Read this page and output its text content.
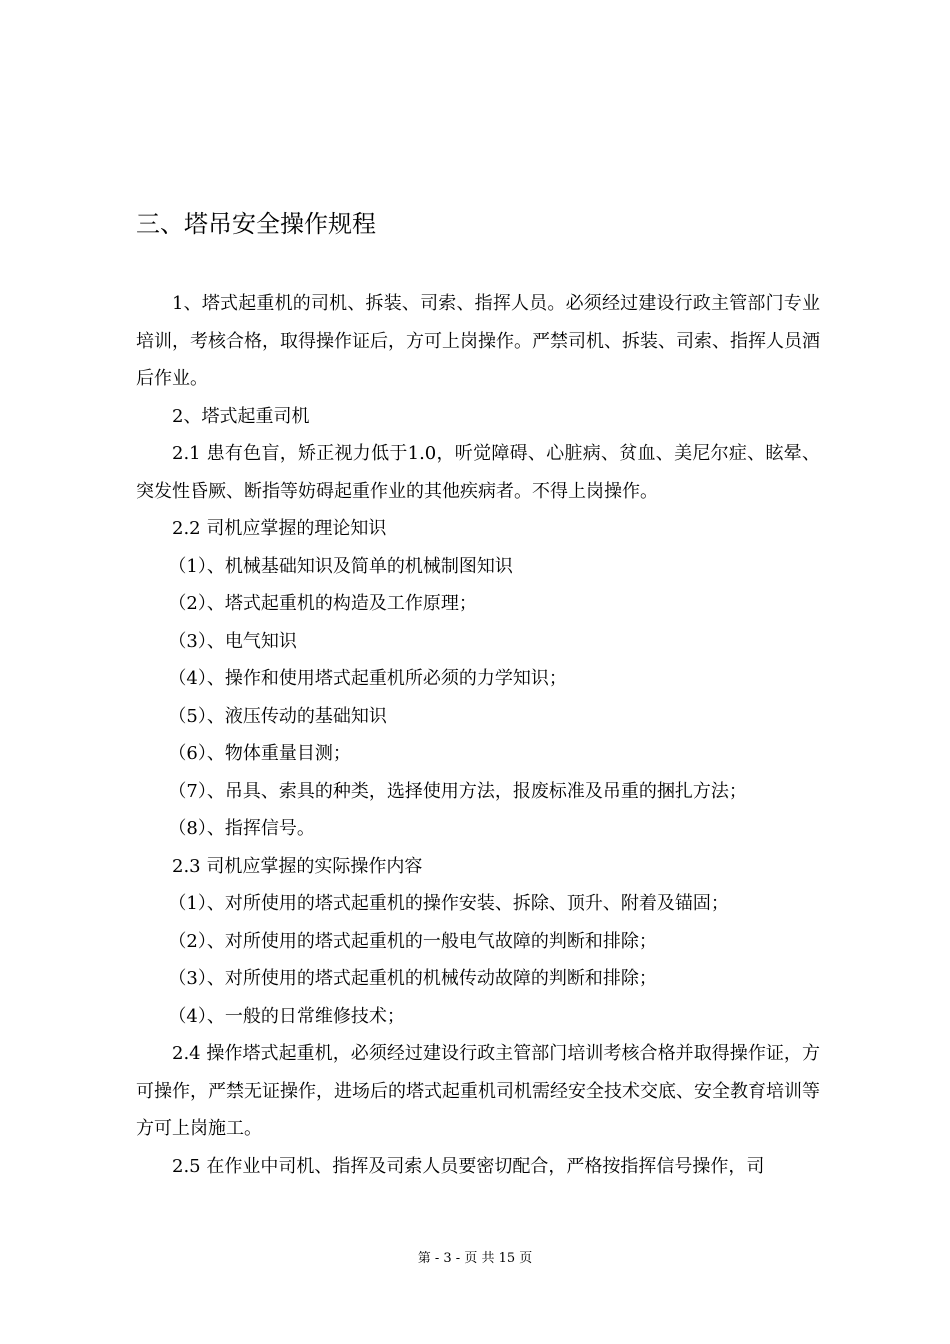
三、塔吊安全操作规程

1、塔式起重机的司机、拆装、司索、指挥人员。必须经过建设行政主管部门专业培训，考核合格，取得操作证后，方可上岗操作。严禁司机、拆装、司索、指挥人员酒后作业。

2、塔式起重司机

2.1 患有色盲，矫正视力低于1.0，听觉障碍、心脏病、贫血、美尼尔症、眩晕、突发性昏厥、断指等妨碍起重作业的其他疾病者。不得上岗操作。

2.2 司机应掌握的理论知识

（1）、机械基础知识及简单的机械制图知识

（2）、塔式起重机的构造及工作原理；

（3）、电气知识

（4）、操作和使用塔式起重机所必须的力学知识；

（5）、液压传动的基础知识

（6）、物体重量目测；

（7）、吊具、索具的种类，选择使用方法，报废标准及吊重的捆扎方法；

（8）、指挥信号。

2.3 司机应掌握的实际操作内容

（1）、对所使用的塔式起重机的操作安装、拆除、顶升、附着及锚固；

（2）、对所使用的塔式起重机的一般电气故障的判断和排除；

（3）、对所使用的塔式起重机的机械传动故障的判断和排除；

（4）、一般的日常维修技术；

2.4 操作塔式起重机，必须经过建设行政主管部门培训考核合格并取得操作证，方可操作，严禁无证操作，进场后的塔式起重机司机需经安全技术交底、安全教育培训等方可上岗施工。

2.5 在作业中司机、指挥及司索人员要密切配合，严格按指挥信号操作，司

第 - 3 - 页 共 15 页
